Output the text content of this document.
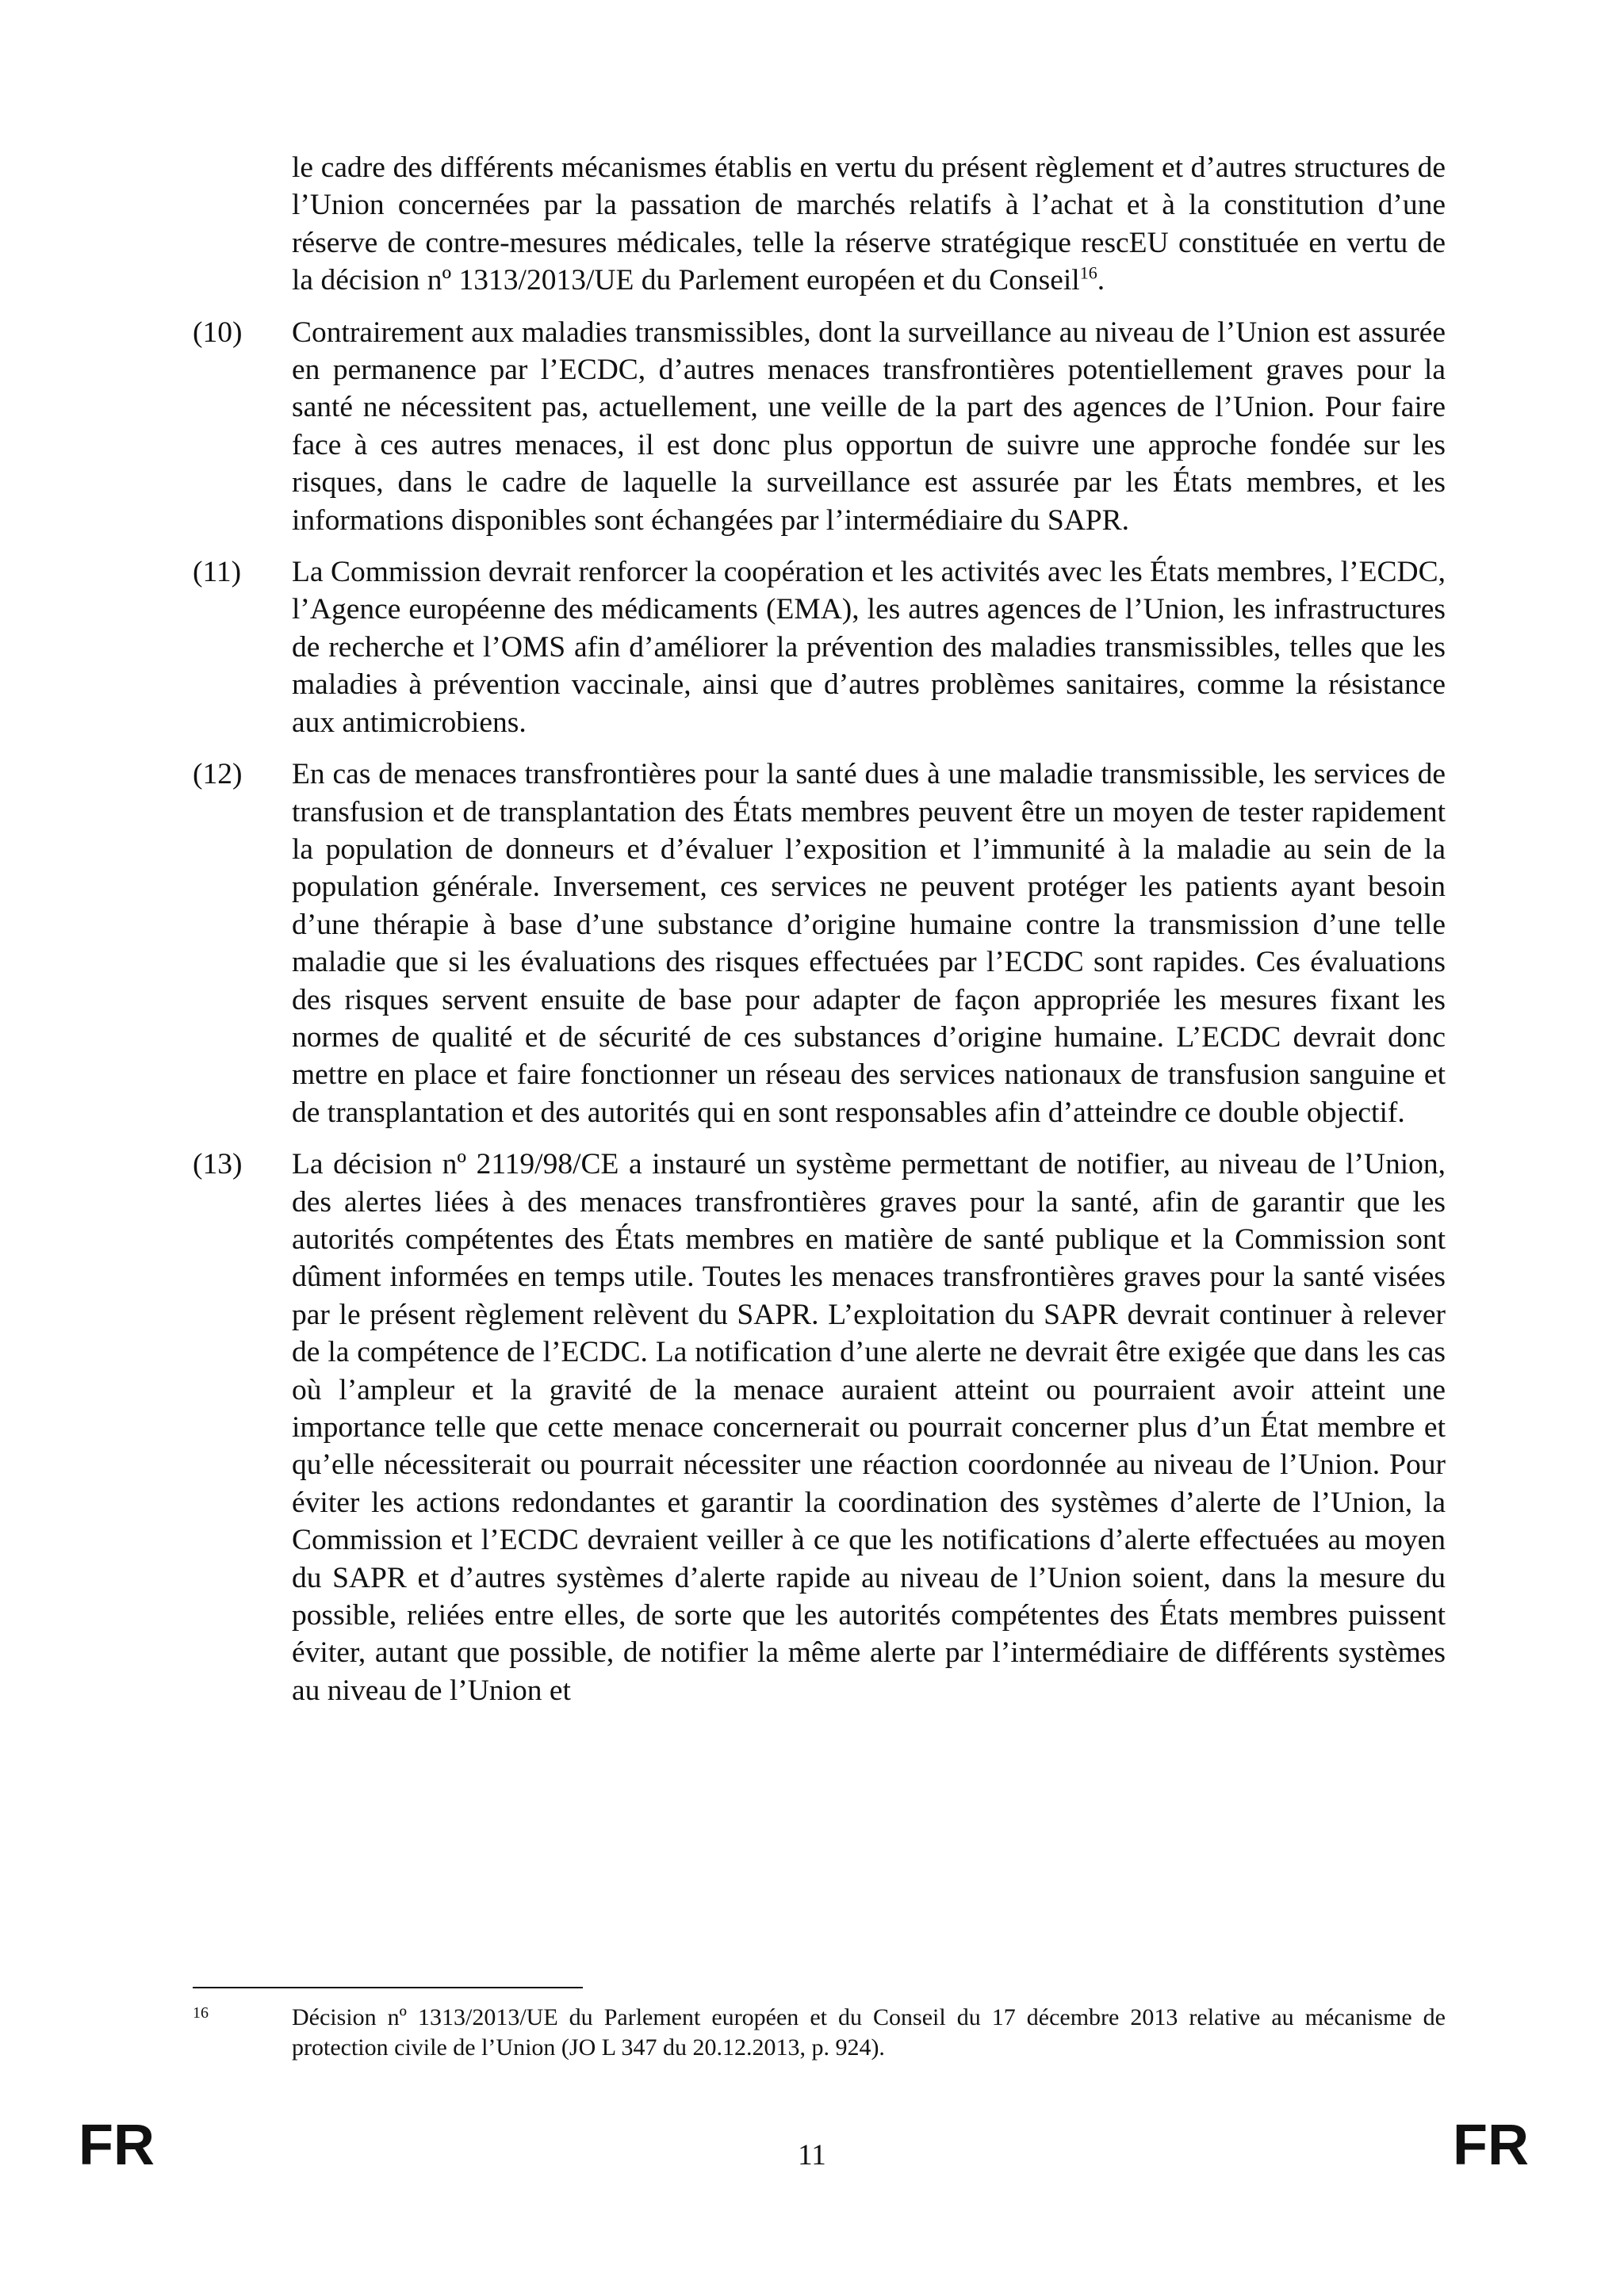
le cadre des différents mécanismes établis en vertu du présent règlement et d’autres structures de l’Union concernées par la passation de marchés relatifs à l’achat et à la constitution d’une réserve de contre-mesures médicales, telle la réserve stratégique rescEU constituée en vertu de la décision nº 1313/2013/UE du Parlement européen et du Conseil$^{16}$.

(10)	Contrairement aux maladies transmissibles, dont la surveillance au niveau de l’Union est assurée en permanence par l’ECDC, d’autres menaces transfrontières potentiellement graves pour la santé ne nécessitent pas, actuellement, une veille de la part des agences de l’Union. Pour faire face à ces autres menaces, il est donc plus opportun de suivre une approche fondée sur les risques, dans le cadre de laquelle la surveillance est assurée par les États membres, et les informations disponibles sont échangées par l’intermédiaire du SAPR.
(11)	La Commission devrait renforcer la coopération et les activités avec les États membres, l’ECDC, l’Agence européenne des médicaments (EMA), les autres agences de l’Union, les infrastructures de recherche et l’OMS afin d’améliorer la prévention des maladies transmissibles, telles que les maladies à prévention vaccinale, ainsi que d’autres problèmes sanitaires, comme la résistance aux antimicrobiens.
(12)	En cas de menaces transfrontières pour la santé dues à une maladie transmissible, les services de transfusion et de transplantation des États membres peuvent être un moyen de tester rapidement la population de donneurs et d’évaluer l’exposition et l’immunité à la maladie au sein de la population générale. Inversement, ces services ne peuvent protéger les patients ayant besoin d’une thérapie à base d’une substance d’origine humaine contre la transmission d’une telle maladie que si les évaluations des risques effectuées par l’ECDC sont rapides. Ces évaluations des risques servent ensuite de base pour adapter de façon appropriée les mesures fixant les normes de qualité et de sécurité de ces substances d’origine humaine. L’ECDC devrait donc mettre en place et faire fonctionner un réseau des services nationaux de transfusion sanguine et de transplantation et des autorités qui en sont responsables afin d’atteindre ce double objectif.
(13)	La décision nº 2119/98/CE a instauré un système permettant de notifier, au niveau de l’Union, des alertes liées à des menaces transfrontières graves pour la santé, afin de garantir que les autorités compétentes des États membres en matière de santé publique et la Commission sont dûment informées en temps utile. Toutes les menaces transfrontières graves pour la santé visées par le présent règlement relèvent du SAPR. L’exploitation du SAPR devrait continuer à relever de la compétence de l’ECDC. La notification d’une alerte ne devrait être exigée que dans les cas où l’ampleur et la gravité de la menace auraient atteint ou pourraient avoir atteint une importance telle que cette menace concernerait ou pourrait concerner plus d’un État membre et qu’elle nécessiterait ou pourrait nécessiter une réaction coordonnée au niveau de l’Union. Pour éviter les actions redondantes et garantir la coordination des systèmes d’alerte de l’Union, la Commission et l’ECDC devraient veiller à ce que les notifications d’alerte effectuées au moyen du SAPR et d’autres systèmes d’alerte rapide au niveau de l’Union soient, dans la mesure du possible, reliées entre elles, de sorte que les autorités compétentes des États membres puissent éviter, autant que possible, de notifier la même alerte par l’intermédiaire de différents systèmes au niveau de l’Union et
16	Décision nº 1313/2013/UE du Parlement européen et du Conseil du 17 décembre 2013 relative au mécanisme de protection civile de l’Union (JO L 347 du 20.12.2013, p. 924).
FR	11	FR
